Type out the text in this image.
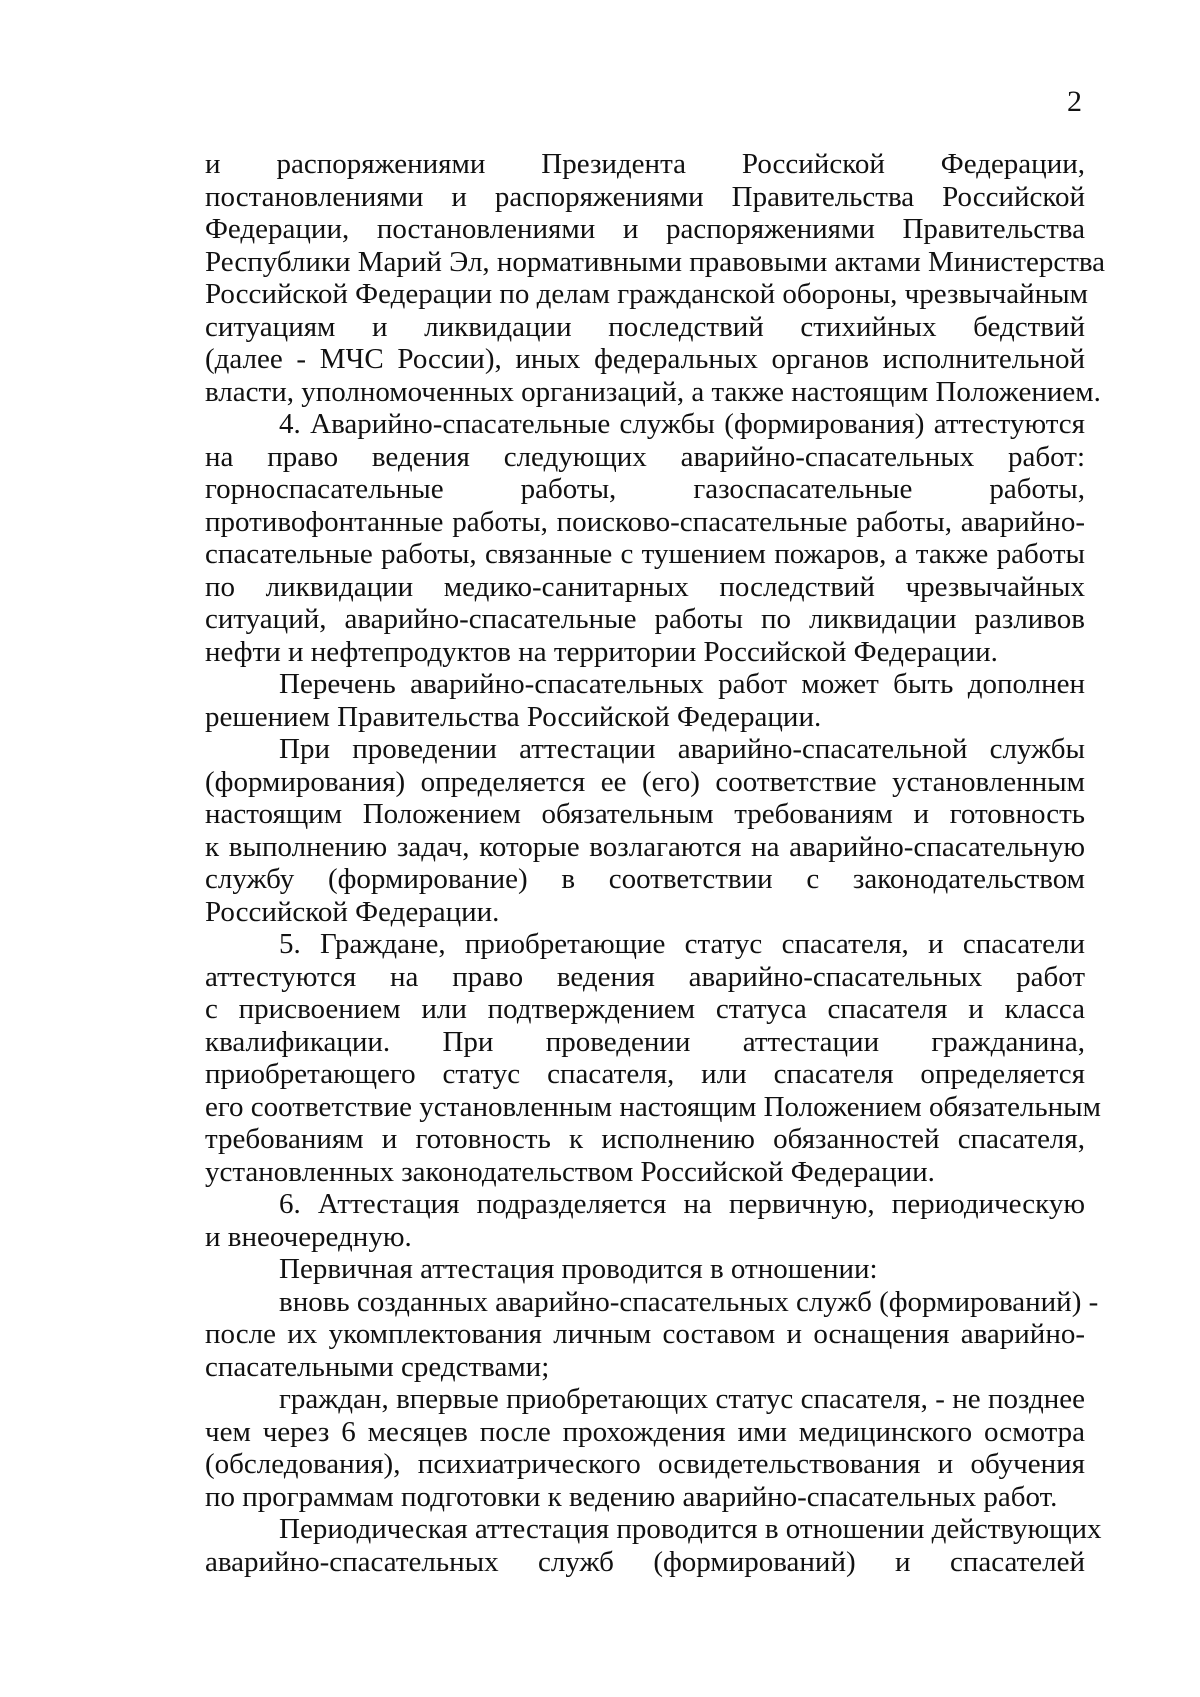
2
и распоряжениями Президента Российской Федерации,
постановлениями и распоряжениями Правительства Российской
Федерации, постановлениями и распоряжениями Правительства
Республики Марий Эл, нормативными правовыми актами Министерства
Российской Федерации по делам гражданской обороны, чрезвычайным
ситуациям и ликвидации последствий стихийных бедствий
(далее - МЧС России), иных федеральных органов исполнительной
власти, уполномоченных организаций, а также настоящим Положением.
4. Аварийно-спасательные службы (формирования) аттестуются
на право ведения следующих аварийно-спасательных работ:
горноспасательные работы, газоспасательные работы,
противофонтанные работы, поисково-спасательные работы, аварийно-
спасательные работы, связанные с тушением пожаров, а также работы
по ликвидации медико-санитарных последствий чрезвычайных
ситуаций, аварийно-спасательные работы по ликвидации разливов
нефти и нефтепродуктов на территории Российской Федерации.
Перечень аварийно-спасательных работ может быть дополнен
решением Правительства Российской Федерации.
При проведении аттестации аварийно-спасательной службы
(формирования) определяется ее (его) соответствие установленным
настоящим Положением обязательным требованиям и готовность
к выполнению задач, которые возлагаются на аварийно-спасательную
службу (формирование) в соответствии с законодательством
Российской Федерации.
5. Граждане, приобретающие статус спасателя, и спасатели
аттестуются на право ведения аварийно-спасательных работ
с присвоением или подтверждением статуса спасателя и класса
квалификации. При проведении аттестации гражданина,
приобретающего статус спасателя, или спасателя определяется
его соответствие установленным настоящим Положением обязательным
требованиям и готовность к исполнению обязанностей спасателя,
установленных законодательством Российской Федерации.
6. Аттестация подразделяется на первичную, периодическую
и внеочередную.
Первичная аттестация проводится в отношении:
вновь созданных аварийно-спасательных служб (формирований) -
после их укомплектования личным составом и оснащения аварийно-
спасательными средствами;
граждан, впервые приобретающих статус спасателя, - не позднее
чем через 6 месяцев после прохождения ими медицинского осмотра
(обследования), психиатрического освидетельствования и обучения
по программам подготовки к ведению аварийно-спасательных работ.
Периодическая аттестация проводится в отношении действующих
аварийно-спасательных служб (формирований) и спасателей
